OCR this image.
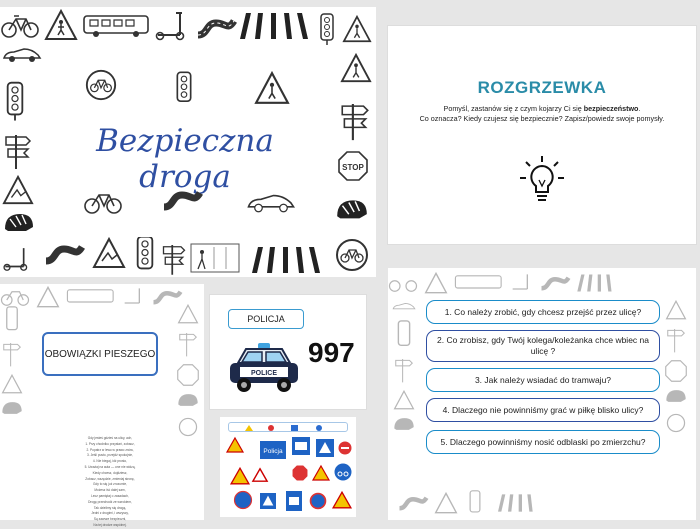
STOP
Bezpieczna droga
ROZGRZEWKA
Pomyśl, zastanów się z czym kojarzy Ci się bezpieczeństwo.
Co oznacza? Kiedy czujesz się bezpiecznie? Zapisz/powiedz swoje pomysły.
OBOWIĄZKI PIESZEGO
Gdy jesteś gdzieś na ulicy, ach,
1. Przy chodniku przystań, zobacz,
2. Popatrz w lewo w prawo znów,
3. Jeśli pusto, przejdź spokojnie,
4. Nie biegaj, idź prosto,
5. Uważaj na auta — one nie widzą,
Kiedy chcesz, dojdziesz,
Zobacz, wszędzie, zmieniaj stronę,
Gdy to się już zrozumie,
Możesz iść dalej sam,
Lecz pamiętaj o zasadach,
Drogę przechodź ze wzrokiem,
Tak dzielimy się drogą,
Jedni z drugimi, i wszyscy,
Są zawsze bezpieczni,
Na tej drodze wspólnej.
POLICJA
POLICE
997
Policja
1. Co należy zrobić, gdy chcesz przejść przez ulicę?
2. Co zrobisz, gdy Twój kolega/koleżanka chce wbiec na ulicę ?
3. Jak należy wsiadać do tramwaju?
4. Dlaczego nie powinniśmy grać w piłkę blisko ulicy?
5. Dlaczego powinniśmy nosić odblaski po zmierzchu?
